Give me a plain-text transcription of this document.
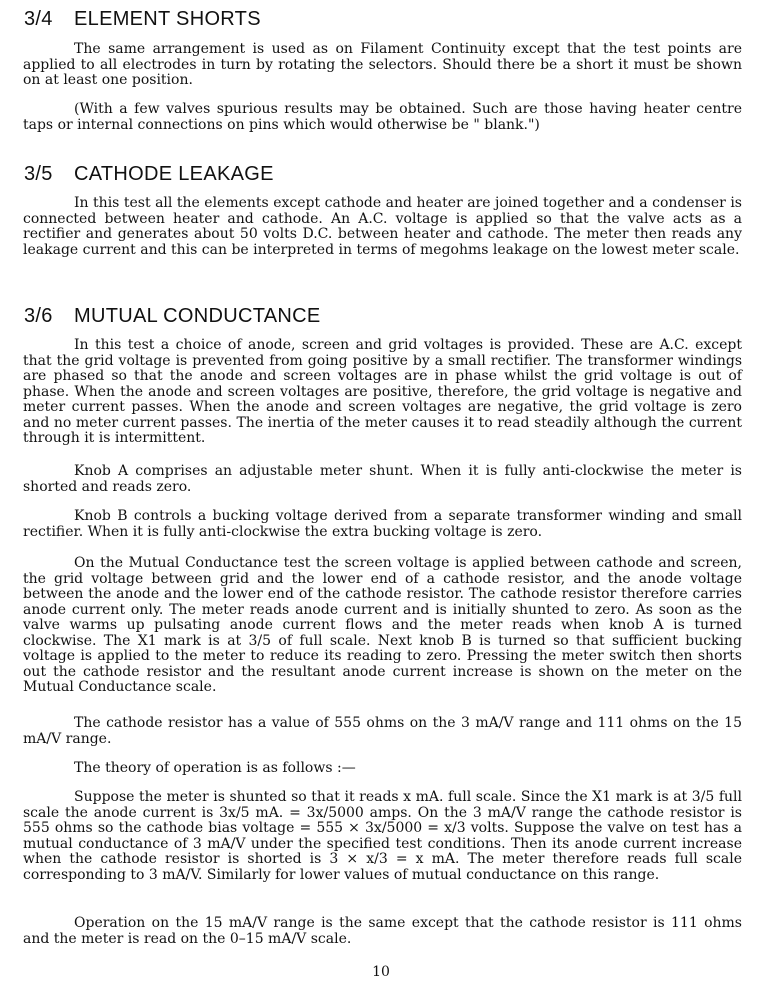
3/4 ELEMENT SHORTS

The same arrangement is used as on Filament Continuity except that the test points are applied to all electrodes in turn by rotating the selectors. Should there be a short it must be shown on at least one position.

(With a few valves spurious results may be obtained. Such are those having heater centre taps or internal connections on pins which would otherwise be " blank.")

3/5 CATHODE LEAKAGE

In this test all the elements except cathode and heater are joined together and a condenser is connected between heater and cathode. An A.C. voltage is applied so that the valve acts as a rectifier and generates about 50 volts D.C. between heater and cathode. The meter then reads any leakage current and this can be interpreted in terms of megohms leakage on the lowest meter scale.

3/6 MUTUAL CONDUCTANCE

In this test a choice of anode, screen and grid voltages is provided. These are A.C. except that the grid voltage is prevented from going positive by a small rectifier. The transformer windings are phased so that the anode and screen voltages are in phase whilst the grid voltage is out of phase. When the anode and screen voltages are positive, therefore, the grid voltage is negative and meter current passes. When the anode and screen voltages are negative, the grid voltage is zero and no meter current passes. The inertia of the meter causes it to read steadily although the current through it is intermittent.

Knob A comprises an adjustable meter shunt. When it is fully anti-clockwise the meter is shorted and reads zero.

Knob B controls a bucking voltage derived from a separate transformer winding and small rectifier. When it is fully anti-clockwise the extra bucking voltage is zero.

On the Mutual Conductance test the screen voltage is applied between cathode and screen, the grid voltage between grid and the lower end of a cathode resistor, and the anode voltage between the anode and the lower end of the cathode resistor. The cathode resistor therefore carries anode current only. The meter reads anode current and is initially shunted to zero. As soon as the valve warms up pulsating anode current flows and the meter reads when knob A is turned clockwise. The X1 mark is at 3/5 of full scale. Next knob B is turned so that sufficient bucking voltage is applied to the meter to reduce its reading to zero. Pressing the meter switch then shorts out the cathode resistor and the resultant anode current increase is shown on the meter on the Mutual Conductance scale.

The cathode resistor has a value of 555 ohms on the 3 mA/V range and 111 ohms on the 15 mA/V range.

The theory of operation is as follows :—

Suppose the meter is shunted so that it reads x mA. full scale. Since the X1 mark is at 3/5 full scale the anode current is 3x/5 mA. = 3x/5000 amps. On the 3 mA/V range the cathode resistor is 555 ohms so the cathode bias voltage = 555 × 3x/5000 = x/3 volts. Suppose the valve on test has a mutual conductance of 3 mA/V under the specified test conditions. Then its anode current increase when the cathode resistor is shorted is 3 × x/3 = x mA. The meter therefore reads full scale corresponding to 3 mA/V. Similarly for lower values of mutual conductance on this range.

Operation on the 15 mA/V range is the same except that the cathode resistor is 111 ohms and the meter is read on the 0–15 mA/V scale.

10
